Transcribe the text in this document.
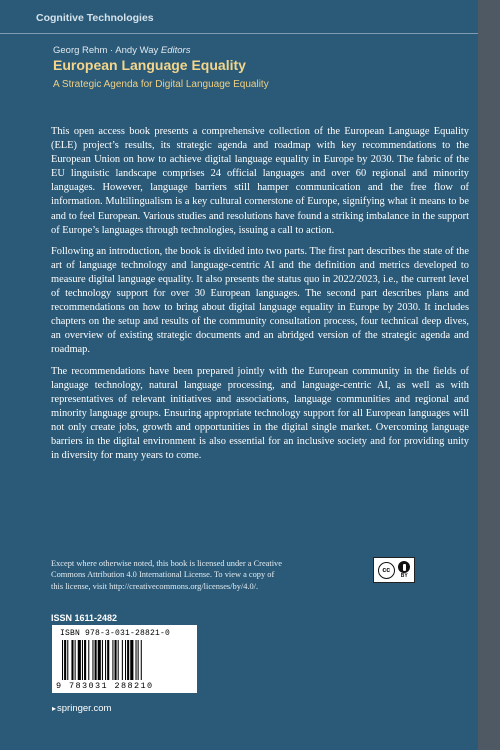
Cognitive Technologies
Georg Rehm · Andy Way Editors
European Language Equality
A Strategic Agenda for Digital Language Equality

This open access book presents a comprehensive collection of the European Language Equality (ELE) project’s results, its strategic agenda and roadmap with key recommendations to the European Union on how to achieve digital language equality in Europe by 2030. The fabric of the EU linguistic landscape comprises 24 official languages and over 60 regional and minority languages. However, language barriers still hamper communication and the free flow of information. Multilingualism is a key cultural cornerstone of Europe, signifying what it means to be and to feel European. Various studies and resolutions have found a striking imbalance in the support of Europe’s languages through technologies, issuing a call to action.

Following an introduction, the book is divided into two parts. The first part describes the state of the art of language technology and language-centric AI and the definition and metrics developed to measure digital language equality. It also presents the status quo in 2022/2023, i.e., the current level of technology support for over 30 European languages. The second part describes plans and recommendations on how to bring about digital language equality in Europe by 2030. It includes chapters on the setup and results of the community consultation process, four technical deep dives, an overview of existing strategic documents and an abridged version of the strategic agenda and roadmap.

The recommendations have been prepared jointly with the European community in the fields of language technology, natural language processing, and language-centric AI, as well as with representatives of relevant initiatives and associations, language communities and regional and minority language groups. Ensuring appropriate technology support for all European languages will not only create jobs, growth and opportunities in the digital single market. Overcoming language barriers in the digital environment is also essential for an inclusive society and for providing unity in diversity for many years to come.

Except where otherwise noted, this book is licensed under a Creative Commons Attribution 4.0 International License. To view a copy of this license, visit http://creativecommons.org/licenses/by/4.0/.
cc
BY
ISSN 1611-2482
ISBN 978-3-031-28821-0
9 783031 288210
▸springer.com
